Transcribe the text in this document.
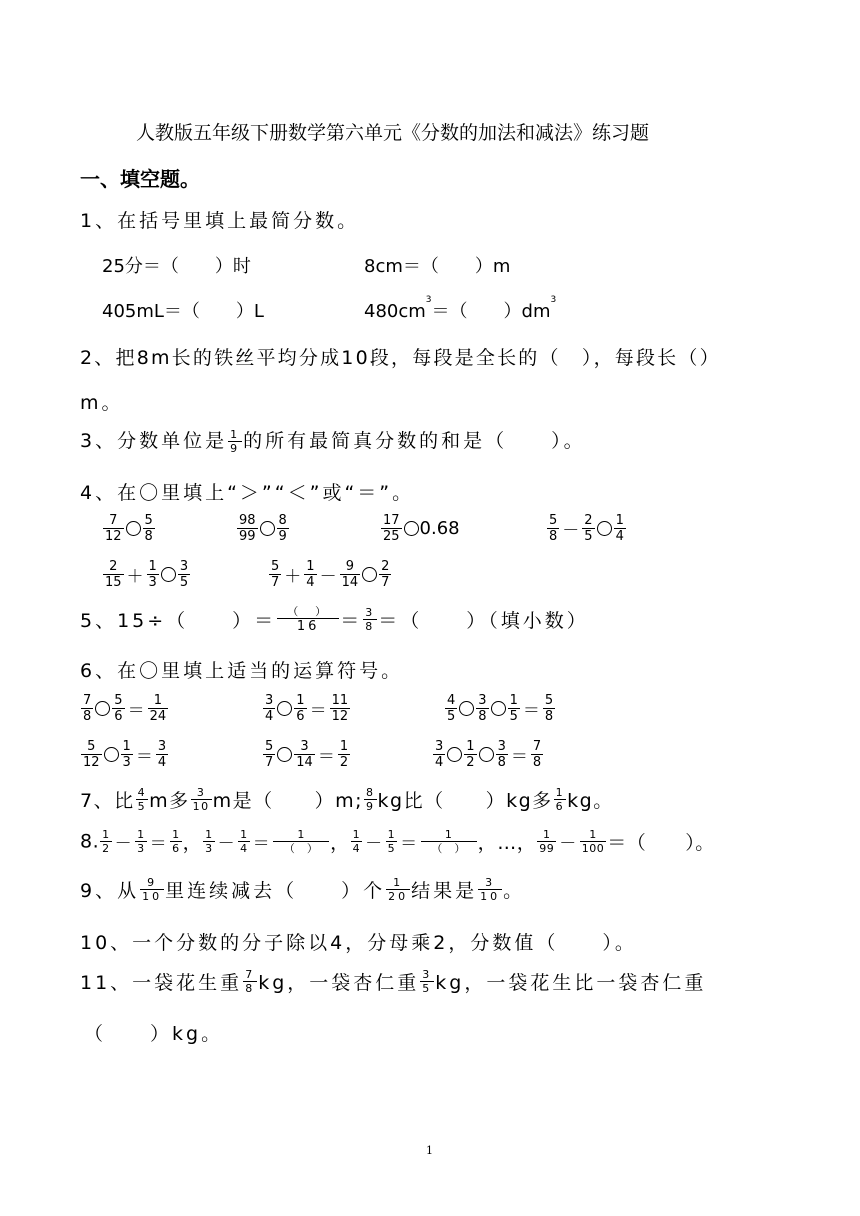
人教版五年级下册数学第六单元《分数的加法和减法》练习题
一、填空题。
1、在括号里填上最简分数。
25分＝（　　）时	8cm＝（　　）m
405mL＝（　　）L	$480cm^3=$（　　）$dm^3$
2、把8m长的铁丝平均分成10段，每段是全长的（　），每段长（）
m。
3、分数单位是 $\frac{1}{9}$ 的所有最简真分数的和是（　　）。
4、在〇里填上“＞”“＜”或“＝”。
$\frac{7}{12} \frac{5}{8}$	$\frac{98}{99} \frac{8}{9}$	$\frac{17}{25} 0.68$	$\frac{5}{8} - \frac{2}{5} \frac{1}{4}$
$\frac{2}{15} + \frac{1}{3} \frac{3}{5}$	$\frac{5}{7} + \frac{1}{4} - \frac{9}{14} \frac{2}{7}$
5、15÷（　　）＝	（　）
16	＝ $\frac{3}{8}$ ＝（　　）（填小数）
6、在〇里填上适当的运算符号。
$\frac{7}{8} \frac{5}{6} = \frac{1}{24}$	$\frac{3}{4} \frac{1}{6} = \frac{11}{12}$	$\frac{4}{5} \frac{3}{8} \frac{1}{5} = \frac{5}{8}$
$\frac{5}{12} \frac{1}{3} = \frac{3}{4}$	$\frac{5}{7} \frac{3}{14} = \frac{1}{2}$	$\frac{3}{4} \frac{1}{2} \frac{3}{8} = \frac{7}{8}$
7、比 $\frac{4}{5}$ m多 $\frac{3}{10}$ m是（　　）m; $\frac{8}{9}$ kg比（　　）kg多 $\frac{1}{6}$ kg。
8. $\frac{1}{2} - \frac{1}{3} = \frac{1}{6}$ ， $\frac{1}{3} - \frac{1}{4}$ ＝	1
（　） ， $\frac{1}{4} - \frac{1}{5}$ ＝	1
（　） ，…， $\frac{1}{99} - \frac{1}{100}$ ＝（　　）。
9、从 $\frac{9}{10}$ 里连续减去（　　）个 $\frac{1}{20}$ 结果是 $\frac{3}{10}$ 。
10、一个分数的分子除以4，分母乘2，分数值（　　）。
11、一袋花生重 $\frac{7}{8}$ kg，一袋杏仁重 $\frac{3}{5}$ kg，一袋花生比一袋杏仁重
（　　）kg。
1
